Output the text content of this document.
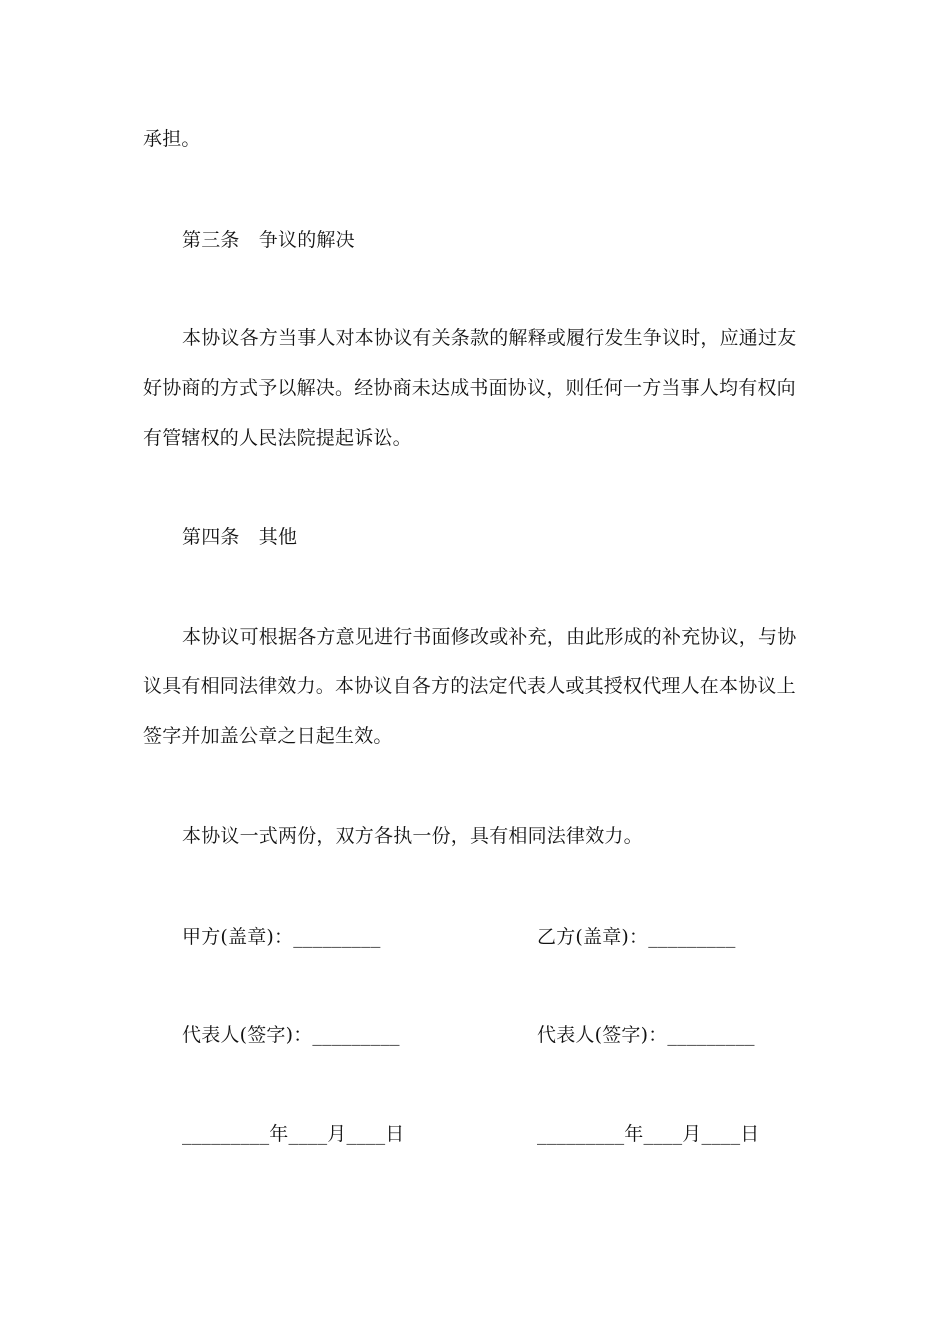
承担。
第三条　争议的解决
本协议各方当事人对本协议有关条款的解释或履行发生争议时，应通过友
好协商的方式予以解决。经协商未达成书面协议，则任何一方当事人均有权向
有管辖权的人民法院提起诉讼。
第四条　其他
本协议可根据各方意见进行书面修改或补充，由此形成的补充协议，与协
议具有相同法律效力。本协议自各方的法定代表人或其授权代理人在本协议上
签字并加盖公章之日起生效。
本协议一式两份，双方各执一份，具有相同法律效力。
甲方(盖章)：_________	乙方(盖章)：_________
代表人(签字)：_________	代表人(签字)：_________
_________年____月____日	_________年____月____日
